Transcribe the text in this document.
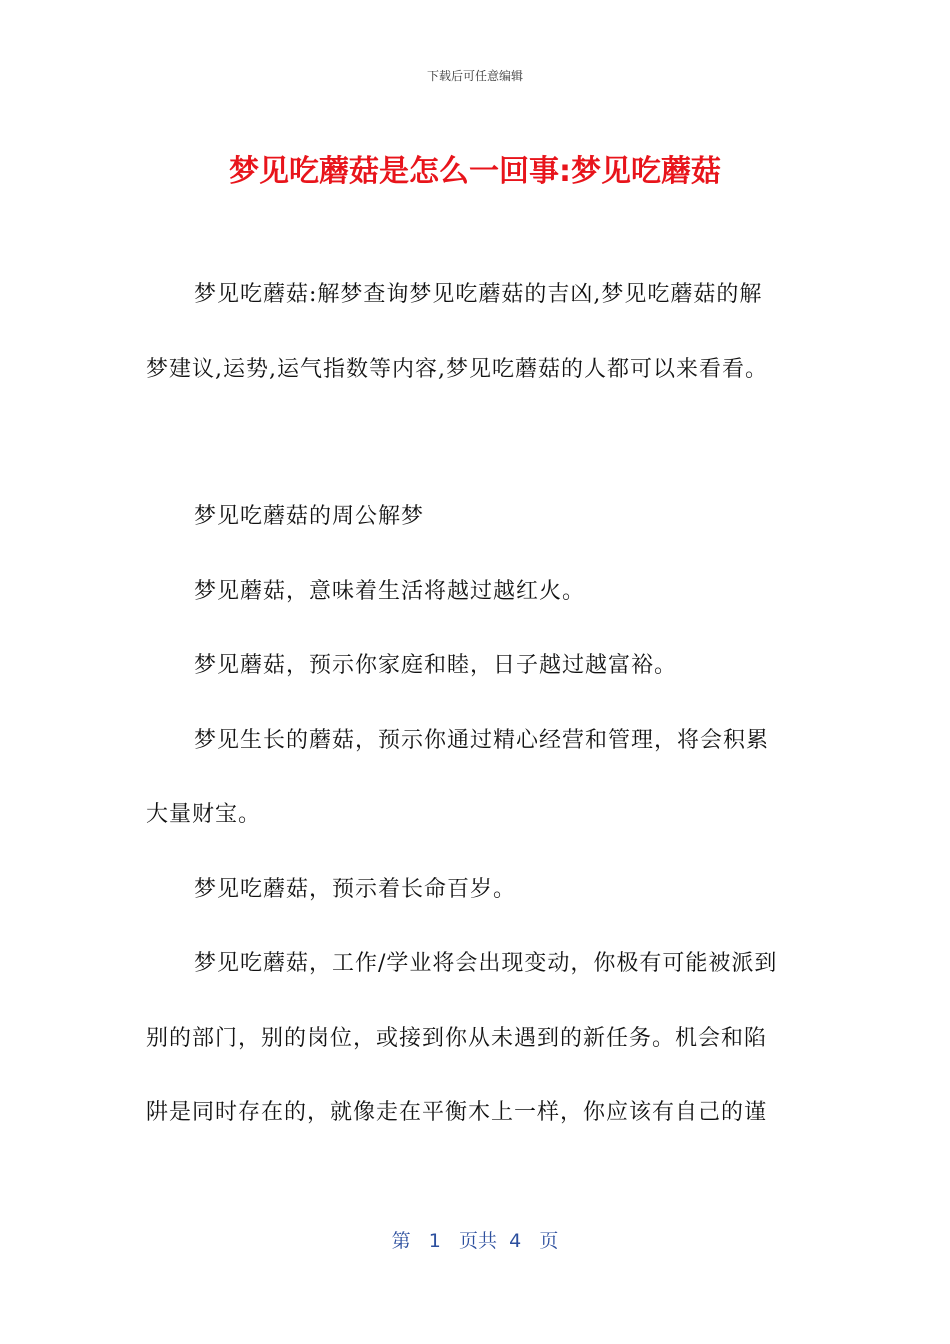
下载后可任意编辑
梦见吃蘑菇是怎么一回事:梦见吃蘑菇

梦见吃蘑菇:解梦查询梦见吃蘑菇的吉凶,梦见吃蘑菇的解
梦建议,运势,运气指数等内容,梦见吃蘑菇的人都可以来看看。

梦见吃蘑菇的周公解梦

梦见蘑菇，意味着生活将越过越红火。

梦见蘑菇，预示你家庭和睦，日子越过越富裕。

梦见生长的蘑菇，预示你通过精心经营和管理，将会积累
大量财宝。

梦见吃蘑菇，预示着长命百岁。

梦见吃蘑菇，工作/学业将会出现变动，你极有可能被派到
别的部门，别的岗位，或接到你从未遇到的新任务。机会和陷
阱是同时存在的，就像走在平衡木上一样，你应该有自己的谨

第 1 页共 4 页
